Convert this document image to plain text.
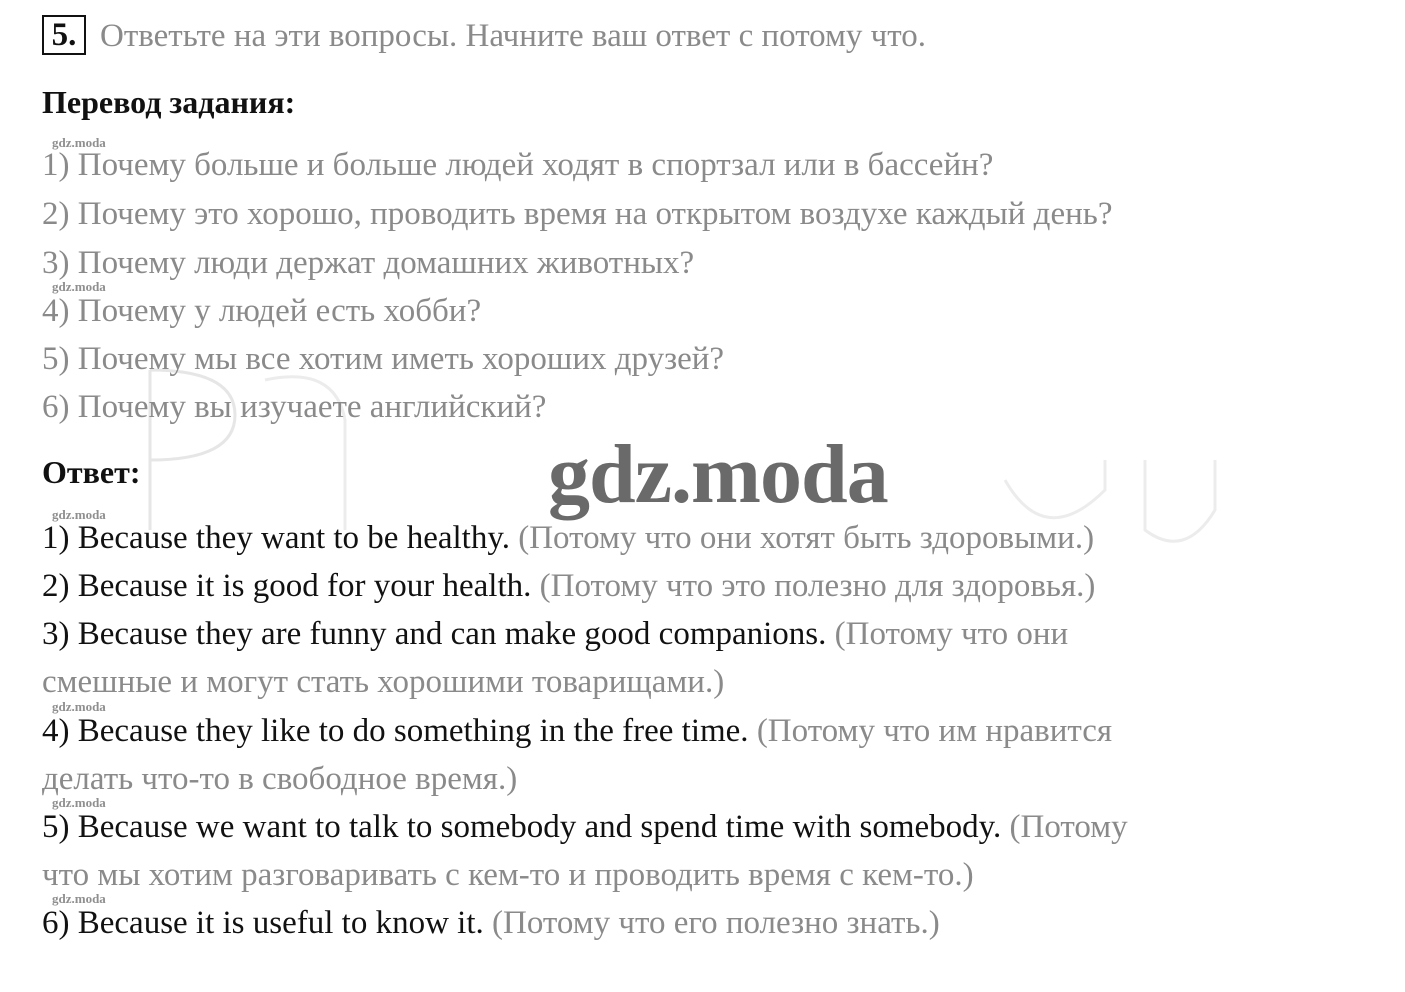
5. Ответьте на эти вопросы. Начните ваш ответ с потому что.
Перевод задания:
gdz.moda
1) Почему больше и больше людей ходят в спортзал или в бассейн?
2) Почему это хорошо, проводить время на открытом воздухе каждый день?
3) Почему люди держат домашних животных?
gdz.moda
4) Почему у людей есть хобби?
5) Почему мы все хотим иметь хороших друзей?
6) Почему вы изучаете английский?
Ответ:	gdz.moda
gdz.moda
1) Because they want to be healthy. (Потому что они хотят быть здоровыми.)
2) Because it is good for your health. (Потому что это полезно для здоровья.)
3) Because they are funny and can make good companions. (Потому что они
смешные и могут стать хорошими товарищами.)
gdz.moda
4) Because they like to do something in the free time. (Потому что им нравится
делать что-то в свободное время.)
gdz.moda
5) Because we want to talk to somebody and spend time with somebody. (Потому
что мы хотим разговаривать с кем-то и проводить время с кем-то.)
gdz.moda
6) Because it is useful to know it. (Потому что его полезно знать.)
